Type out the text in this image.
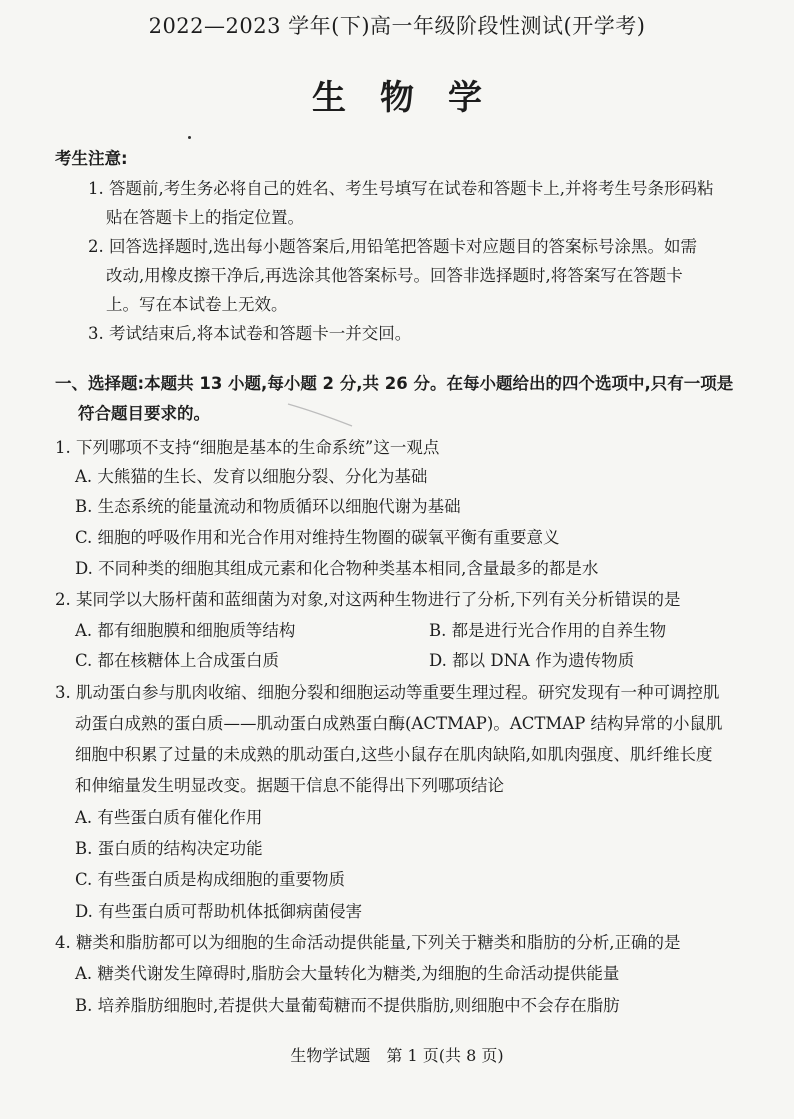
2022—2023 学年(下)高一年级阶段性测试(开学考)
生物学
考生注意:
1. 答题前,考生务必将自己的姓名、考生号填写在试卷和答题卡上,并将考生号条形码粘
贴在答题卡上的指定位置。
2. 回答选择题时,选出每小题答案后,用铅笔把答题卡对应题目的答案标号涂黑。如需
改动,用橡皮擦干净后,再选涂其他答案标号。回答非选择题时,将答案写在答题卡
上。写在本试卷上无效。
3. 考试结束后,将本试卷和答题卡一并交回。
一、选择题:本题共 13 小题,每小题 2 分,共 26 分。在每小题给出的四个选项中,只有一项是
符合题目要求的。
1. 下列哪项不支持“细胞是基本的生命系统”这一观点
A. 大熊猫的生长、发育以细胞分裂、分化为基础
B. 生态系统的能量流动和物质循环以细胞代谢为基础
C. 细胞的呼吸作用和光合作用对维持生物圈的碳氧平衡有重要意义
D. 不同种类的细胞其组成元素和化合物种类基本相同,含量最多的都是水
2. 某同学以大肠杆菌和蓝细菌为对象,对这两种生物进行了分析,下列有关分析错误的是
A. 都有细胞膜和细胞质等结构	B. 都是进行光合作用的自养生物
C. 都在核糖体上合成蛋白质	D. 都以 DNA 作为遗传物质
3. 肌动蛋白参与肌肉收缩、细胞分裂和细胞运动等重要生理过程。研究发现有一种可调控肌
动蛋白成熟的蛋白质——肌动蛋白成熟蛋白酶(ACTMAP)。ACTMAP 结构异常的小鼠肌
细胞中积累了过量的未成熟的肌动蛋白,这些小鼠存在肌肉缺陷,如肌肉强度、肌纤维长度
和伸缩量发生明显改变。据题干信息不能得出下列哪项结论
A. 有些蛋白质有催化作用
B. 蛋白质的结构决定功能
C. 有些蛋白质是构成细胞的重要物质
D. 有些蛋白质可帮助机体抵御病菌侵害
4. 糖类和脂肪都可以为细胞的生命活动提供能量,下列关于糖类和脂肪的分析,正确的是
A. 糖类代谢发生障碍时,脂肪会大量转化为糖类,为细胞的生命活动提供能量
B. 培养脂肪细胞时,若提供大量葡萄糖而不提供脂肪,则细胞中不会存在脂肪
生物学试题　第 1 页(共 8 页)
